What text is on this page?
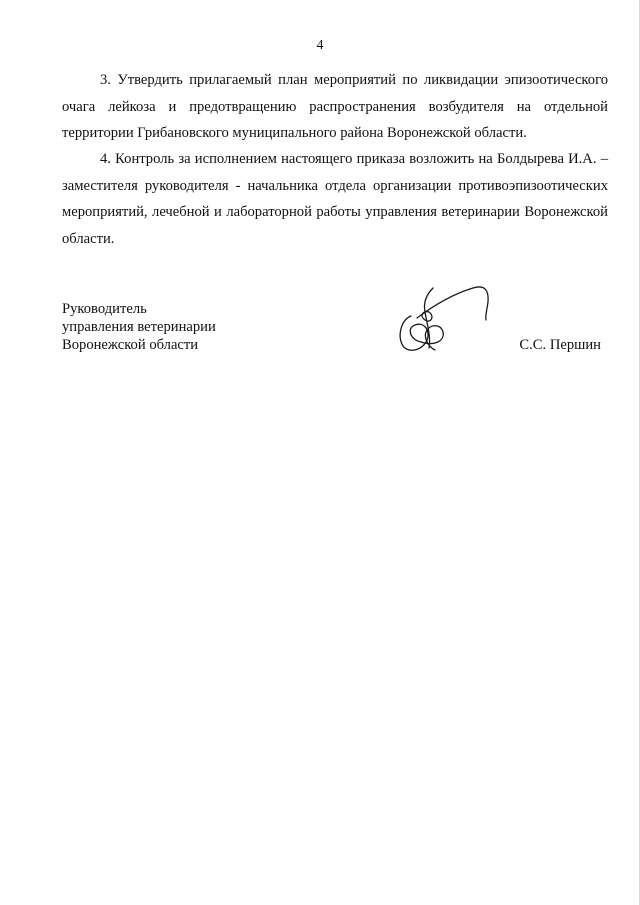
4

3. Утвердить прилагаемый план мероприятий по ликвидации эпизоотического очага лейкоза и предотвращению распространения возбудителя на отдельной территории Грибановского муниципального района Воронежской области.

4. Контроль за исполнением настоящего приказа возложить на Болдырева И.А. – заместителя руководителя - начальника отдела организации противоэпизоотических мероприятий, лечебной и лабораторной работы управления ветеринарии Воронежской области.

Руководитель
управления ветеринарии
Воронежской области	С.С. Першин
